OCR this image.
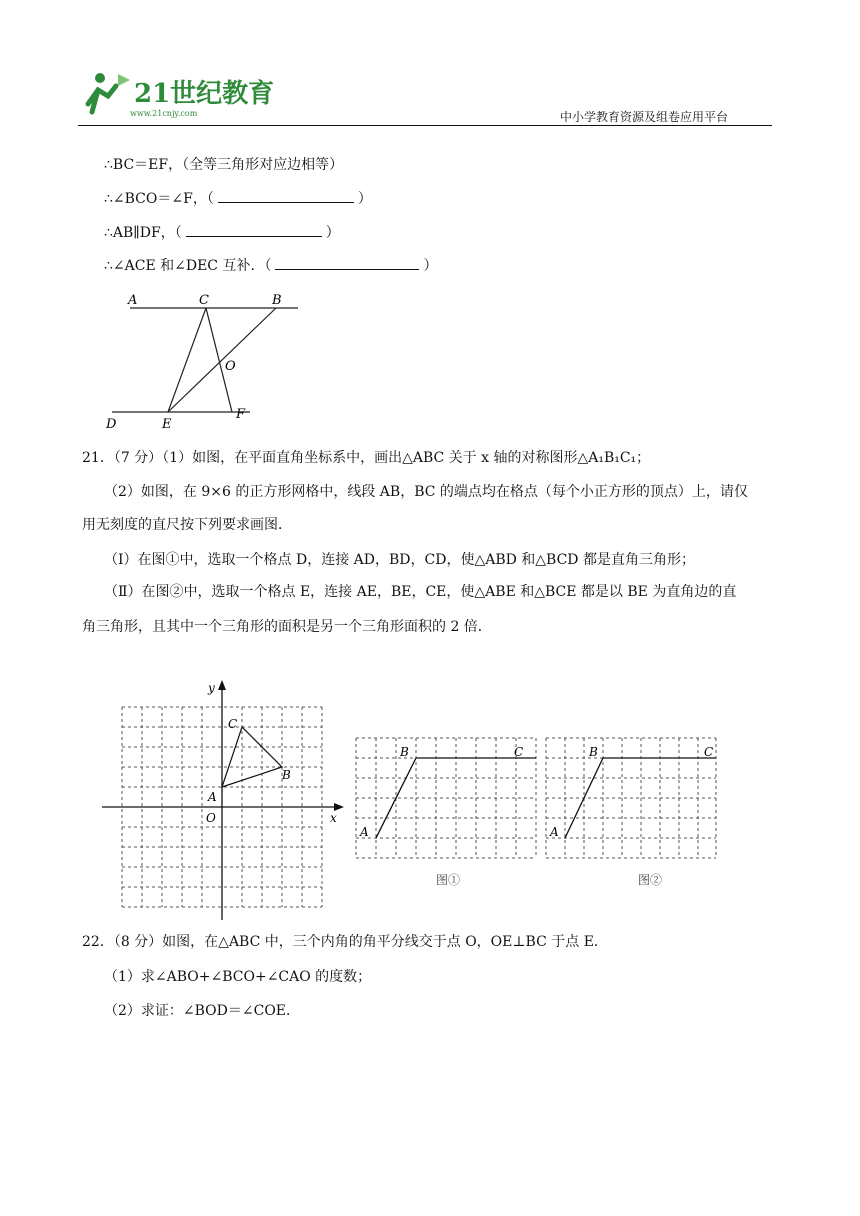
21世纪教育
www.21cnjy.com	中小学教育资源及组卷应用平台
∴BC＝EF，（全等三角形对应边相等）
∴∠BCO＝∠F，（	）
∴AB∥DF，（	）
∴∠ACE 和∠DEC 互补．（	）
A	C	B
O
D	E
F
21．（7 分）（1）如图，在平面直角坐标系中，画出△ABC 关于 x 轴的对称图形△A₁B₁C₁；
（2）如图，在 9×6 的正方形网格中，线段 AB，BC 的端点均在格点（每个小正方形的顶点）上，请仅
用无刻度的直尺按下列要求画图．
（Ⅰ）在图①中，选取一个格点 D，连接 AD，BD，CD，使△ABD 和△BCD 都是直角三角形；
（Ⅱ）在图②中，选取一个格点 E，连接 AE，BE，CE，使△ABE 和△BCE 都是以 BE 为直角边的直
角三角形，且其中一个三角形的面积是另一个三角形面积的 2 倍．
x
y
O
A
B
C
A
B	C
图①
A
B	C
图②
22．（8 分）如图，在△ABC 中，三个内角的角平分线交于点 O，OE⊥BC 于点 E．
（1）求∠ABO+∠BCO+∠CAO 的度数；
（2）求证：∠BOD＝∠COE．
